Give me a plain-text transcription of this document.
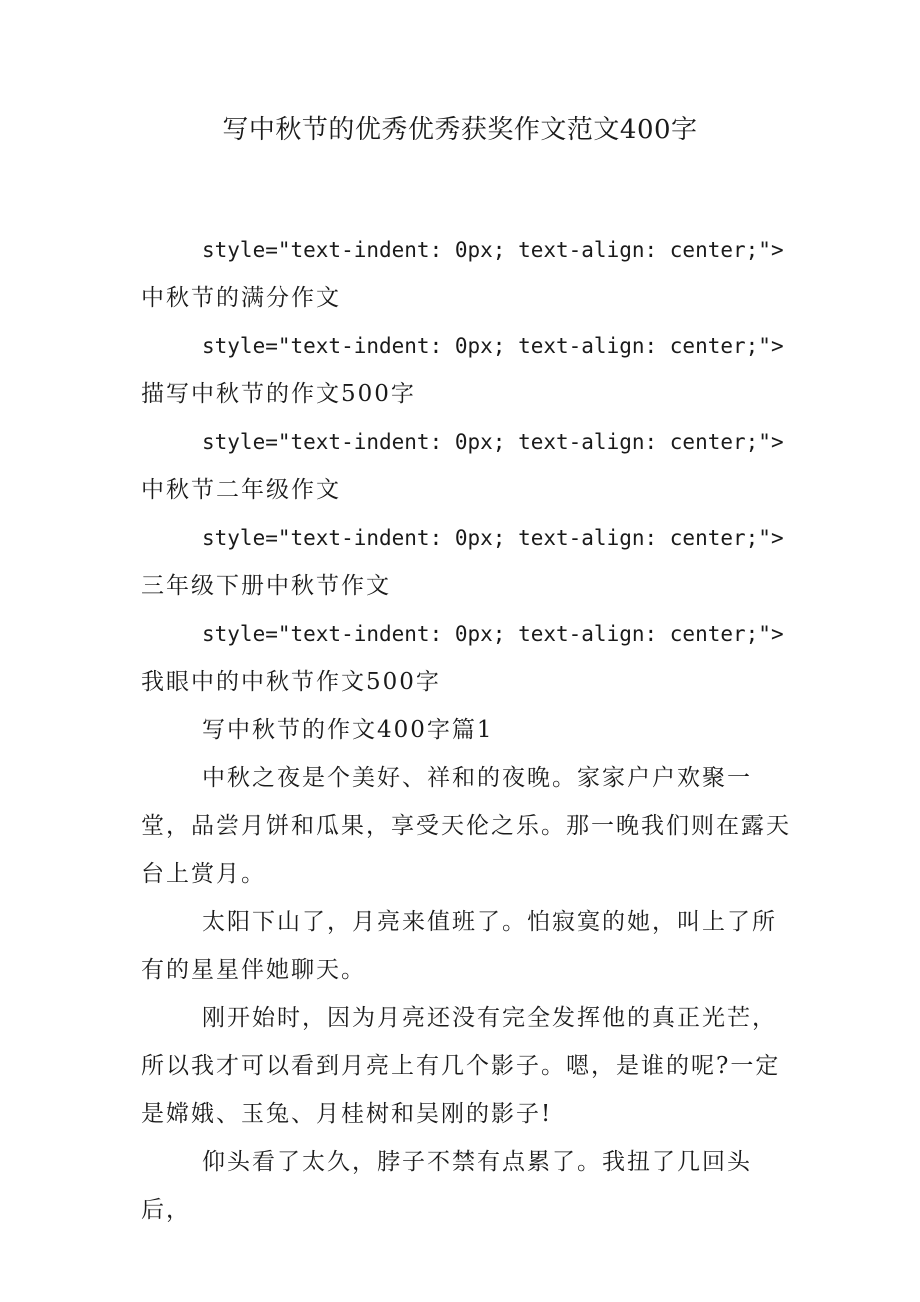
写中秋节的优秀优秀获奖作文范文400字

style="text-indent: 0px; text-align: center;">
中秋节的满分作文

style="text-indent: 0px; text-align: center;">
描写中秋节的作文500字

style="text-indent: 0px; text-align: center;">
中秋节二年级作文

style="text-indent: 0px; text-align: center;">
三年级下册中秋节作文

style="text-indent: 0px; text-align: center;">
我眼中的中秋节作文500字

写中秋节的作文400字篇1

中秋之夜是个美好、祥和的夜晚。家家户户欢聚一堂，品尝月饼和瓜果，享受天伦之乐。那一晚我们则在露天台上赏月。

太阳下山了，月亮来值班了。怕寂寞的她，叫上了所有的星星伴她聊天。

刚开始时，因为月亮还没有完全发挥他的真正光芒，所以我才可以看到月亮上有几个影子。嗯，是谁的呢?一定是嫦娥、玉兔、月桂树和吴刚的影子!

仰头看了太久，脖子不禁有点累了。我扭了几回头后，
